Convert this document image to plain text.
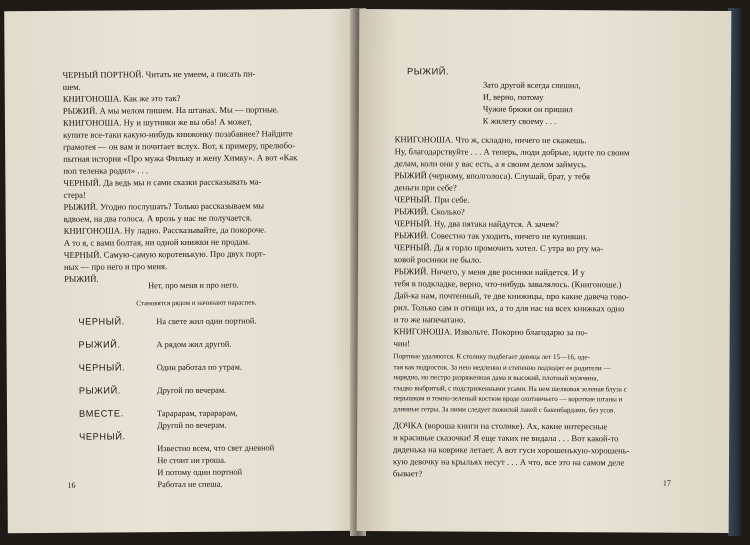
ЧЕРНЫЙ ПОРТНОЙ. Читать не умеем, а писать пи-
шем.
КНИГОНОША. Как же это так?
РЫЖИЙ. А мы мелом пишем. На штанах. Мы — портные.
КНИГОНОША. Ну и шутники же вы оба! А может,
купите все-таки какую-нибудь книжонку позабавнее? Найдите
грамотея — он вам и почитает вслух. Вот, к примеру, прелюбо-
пытная история «Про мужа Фильку и жену Химку». А вот «Как
поп теленка родил» . . .
ЧЕРНЫЙ. Да ведь мы и сами сказки рассказывать ма-
стера!
РЫЖИЙ. Угодно послушать? Только рассказываем мы
вдвоем, на два голоса. А врозь у нас не получается.
КНИГОНОША. Ну ладно. Рассказывайте, да покороче.
А то я, с вами болтая, ни одной книжки не продам.
ЧЕРНЫЙ. Самую-самую коротенькую. Про двух порт-
ных — про него и про меня.
РЫЖИЙ.
Нет, про меня и про него.
Становятся рядом и начинают нараспев.
ЧЕРНЫЙ.
РЫЖИЙ.
ЧЕРНЫЙ.
РЫЖИЙ.
ВМЕСТЕ.
ЧЕРНЫЙ.
На свете жил один портной.
А рядом жил другой.
Один работал по утрам.
Другой по вечерам.
Тарарарам, тарарарам,
Другой по вечерам.
Известно всем, что свет дневной
Не стоит ни гроша.
И потому один портной
Работал не спеша.
16
РЫЖИЙ.
Зато другой всегда спешил,
И, верно, потому
Чужие брюки он пришил
К жилету своему . . .
КНИГОНОША. Что ж, складно, ничего не скажешь.
Ну, благодарствуйте . . . А теперь, люди добрые, идите по своим
делам, коли они у вас есть, а я своим делом займусь.
РЫЖИЙ (черному, вполголоса). Слушай, брат, у тебя
деньги при себе?
ЧЕРНЫЙ. При себе.
РЫЖИЙ. Сколько?
ЧЕРНЫЙ. Ну, два пятака найдутся. А зачем?
РЫЖИЙ. Совестно так уходить, ничего не купивши.
ЧЕРНЫЙ. Да я горло промочить хотел. С утра во рту ма-
ковой росинки не было.
РЫЖИЙ. Ничего, у меня две росинки найдется. И у
тебя в подкладке, верно, что-нибудь завалялось. (Книгоноше.)
Дай-ка нам, почтенный, те две книжицы, про какие давеча гово-
рил. Только сам и отищи их, а то для нас на всех книжках одно
и то же напечатано.
КНИГОНОША. Извольте. Покорно благодарю за по-
чин!
Портные удаляются. К столику подбегает девица лет 15—16, оде-
тая как подросток. За нею медленно и степенно подходят ее родители —
нарядно, но пестро разряженная дама и высокий, плотный мужчина,
гладко выбритый, с подстриженными усами. На нем шелковая зеленая блуза с
перышком и темно-зеленый костюм вроде охотничьего — короткие штаны и
длинные гетры. За ними следует пожилой лакей с бакенбардами, без усов.
ДОЧКА (вороша книги на столике). Ах, какие интересные
и красивые сказочки! Я еще таких не видала . . . Вот какой-то
дяденька на коврике летает. А вот гуси хорошенькую-хорошень-
кую девочку на крыльях несут . . . А что, все это на самом деле
бывает?
17
